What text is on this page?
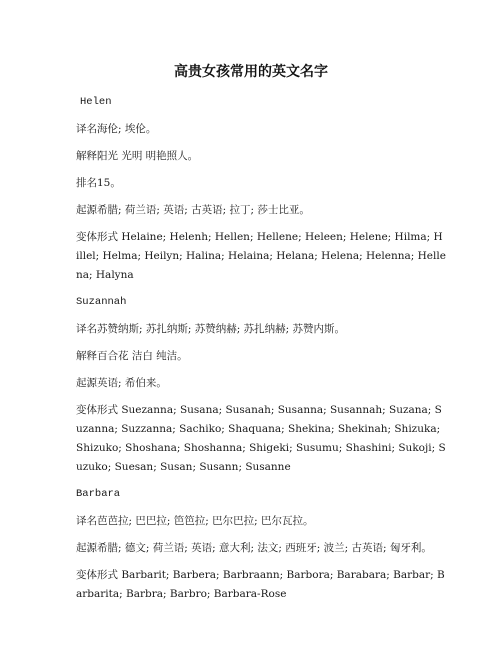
高贵女孩常用的英文名字

Helen

译名海伦; 埃伦。

解释阳光 光明 明艳照人。

排名15。

起源希腊; 荷兰语; 英语; 古英语; 拉丁; 莎士比亚。

变体形式 Helaine; Helenh; Hellen; Hellene; Heleen; Helene; Hilma; Hillel; Helma; Heilyn; Halina; Helaina; Helana; Helena; Helenna; Hellena; Halyna

Suzannah

译名苏赞纳斯; 苏扎纳斯; 苏赞纳赫; 苏扎纳赫; 苏赞内斯。

解释百合花 洁白 纯洁。

起源英语; 希伯来。

变体形式 Suezanna; Susana; Susanah; Susanna; Susannah; Suzana; Suzanna; Suzzanna; Sachiko; Shaquana; Shekina; Shekinah; Shizuka; Shizuko; Shoshana; Shoshanna; Shigeki; Susumu; Shashini; Sukoji; Suzuko; Suesan; Susan; Susann; Susanne

Barbara

译名芭芭拉; 巴巴拉; 笆笆拉; 巴尔巴拉; 巴尔瓦拉。

起源希腊; 德文; 荷兰语; 英语; 意大利; 法文; 西班牙; 波兰; 古英语; 匈牙利。

变体形式 Barbarit; Barbera; Barbraann; Barbora; Barabara; Barbar; Barbarita; Barbra; Barbro; Barbara-Rose
